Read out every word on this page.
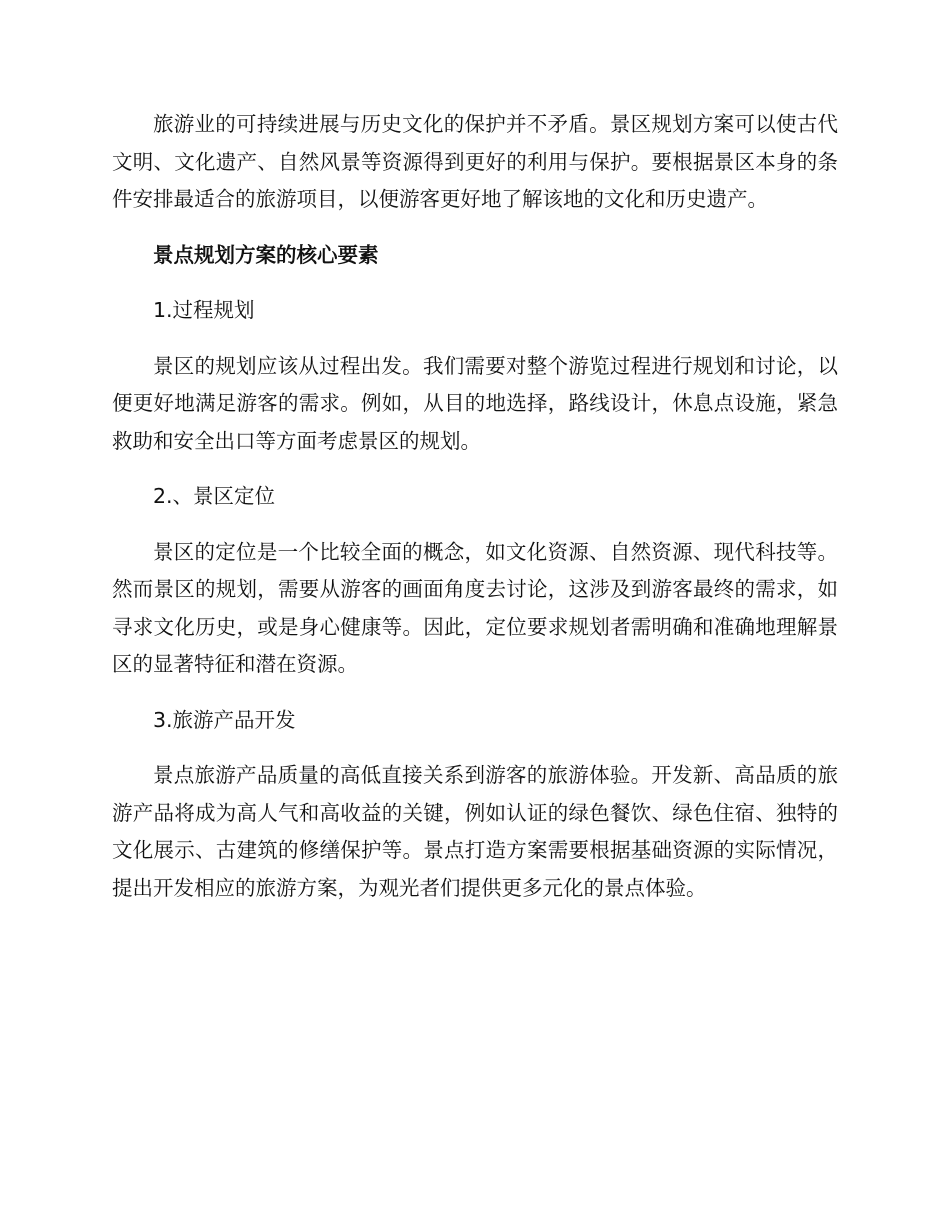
旅游业的可持续进展与历史文化的保护并不矛盾。景区规划方案可以使古代文明、文化遗产、自然风景等资源得到更好的利用与保护。要根据景区本身的条件安排最适合的旅游项目，以便游客更好地了解该地的文化和历史遗产。

景点规划方案的核心要素

1.过程规划

景区的规划应该从过程出发。我们需要对整个游览过程进行规划和讨论，以便更好地满足游客的需求。例如，从目的地选择，路线设计，休息点设施，紧急救助和安全出口等方面考虑景区的规划。

2.、景区定位

景区的定位是一个比较全面的概念，如文化资源、自然资源、现代科技等。然而景区的规划，需要从游客的画面角度去讨论，这涉及到游客最终的需求，如寻求文化历史，或是身心健康等。因此，定位要求规划者需明确和准确地理解景区的显著特征和潜在资源。

3.旅游产品开发

景点旅游产品质量的高低直接关系到游客的旅游体验。开发新、高品质的旅游产品将成为高人气和高收益的关键，例如认证的绿色餐饮、绿色住宿、独特的文化展示、古建筑的修缮保护等。景点打造方案需要根据基础资源的实际情况，提出开发相应的旅游方案，为观光者们提供更多元化的景点体验。
